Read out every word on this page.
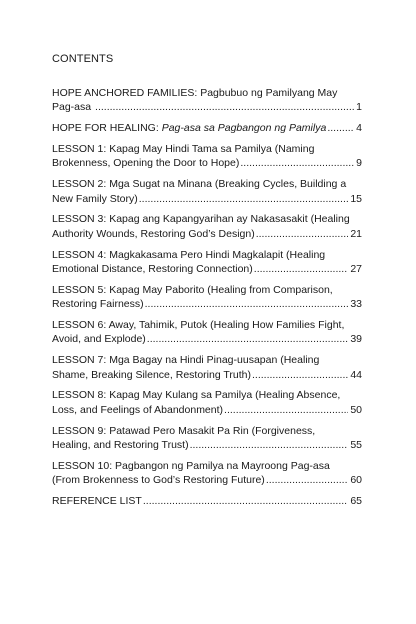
CONTENTS

HOPE ANCHORED FAMILIES: Pagbubuo ng Pamilyang May

Pag-asa .....	1

HOPE FOR HEALING: Pag-asa sa Pagbangon ng Pamilya .....	4

LESSON 1: Kapag May Hindi Tama sa Pamilya (Naming

Brokenness, Opening the Door to Hope) .....	9

LESSON 2: Mga Sugat na Minana (Breaking Cycles, Building a

New Family Story) .....	15

LESSON 3: Kapag ang Kapangyarihan ay Nakasasakit (Healing

Authority Wounds, Restoring God’s Design) .....	21

LESSON 4: Magkakasama Pero Hindi Magkalapit (Healing

Emotional Distance, Restoring Connection) .....	27

LESSON 5: Kapag May Paborito (Healing from Comparison,

Restoring Fairness) .....	33

LESSON 6: Away, Tahimik, Putok (Healing How Families Fight,

Avoid, and Explode) .....	39

LESSON 7: Mga Bagay na Hindi Pinag-uusapan (Healing

Shame, Breaking Silence, Restoring Truth) .....	44

LESSON 8: Kapag May Kulang sa Pamilya (Healing Absence,

Loss, and Feelings of Abandonment) .....	50

LESSON 9: Patawad Pero Masakit Pa Rin (Forgiveness,

Healing, and Restoring Trust) .....	55

LESSON 10: Pagbangon ng Pamilya na Mayroong Pag-asa

(From Brokenness to God’s Restoring Future) .....	60

REFERENCE LIST .....	65
